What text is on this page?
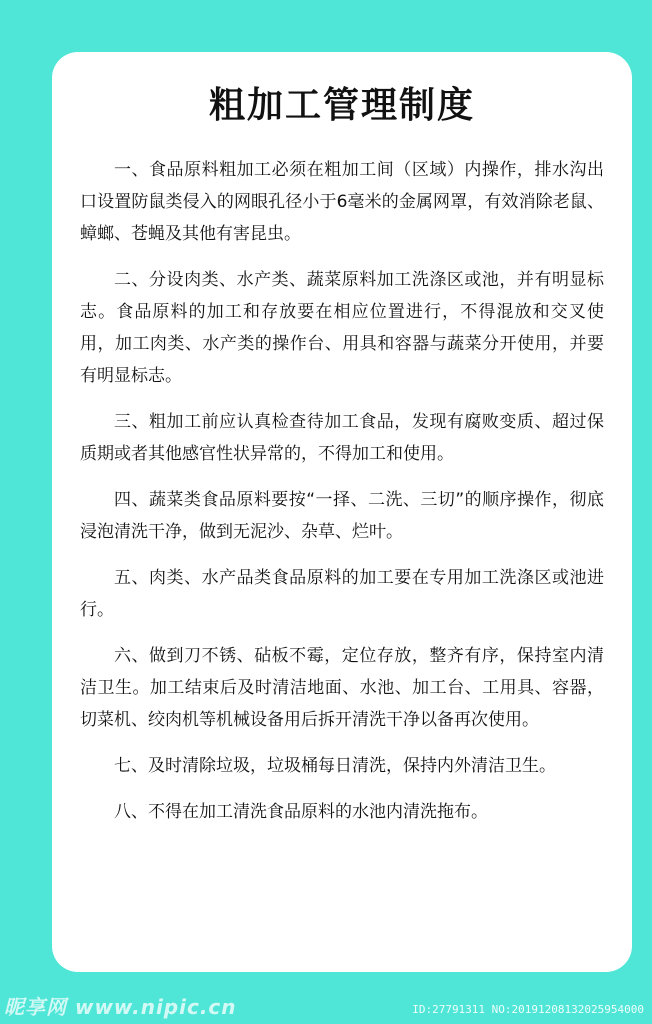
粗加工管理制度

一、食品原料粗加工必须在粗加工间（区域）内操作，排水沟出口设置防鼠类侵入的网眼孔径小于6毫米的金属网罩，有效消除老鼠、蟑螂、苍蝇及其他有害昆虫。

二、分设肉类、水产类、蔬菜原料加工洗涤区或池，并有明显标志。食品原料的加工和存放要在相应位置进行，不得混放和交叉使用，加工肉类、水产类的操作台、用具和容器与蔬菜分开使用，并要有明显标志。

三、粗加工前应认真检查待加工食品，发现有腐败变质、超过保质期或者其他感官性状异常的，不得加工和使用。

四、蔬菜类食品原料要按“一择、二洗、三切”的顺序操作，彻底浸泡清洗干净，做到无泥沙、杂草、烂叶。

五、肉类、水产品类食品原料的加工要在专用加工洗涤区或池进行。

六、做到刀不锈、砧板不霉，定位存放，整齐有序，保持室内清洁卫生。加工结束后及时清洁地面、水池、加工台、工用具、容器，切菜机、绞肉机等机械设备用后拆开清洗干净以备再次使用。

七、及时清除垃圾，垃圾桶每日清洗，保持内外清洁卫生。

八、不得在加工清洗食品原料的水池内清洗拖布。

昵享网 www.nipic.cn	ID:27791311 NO:20191208132025954000
